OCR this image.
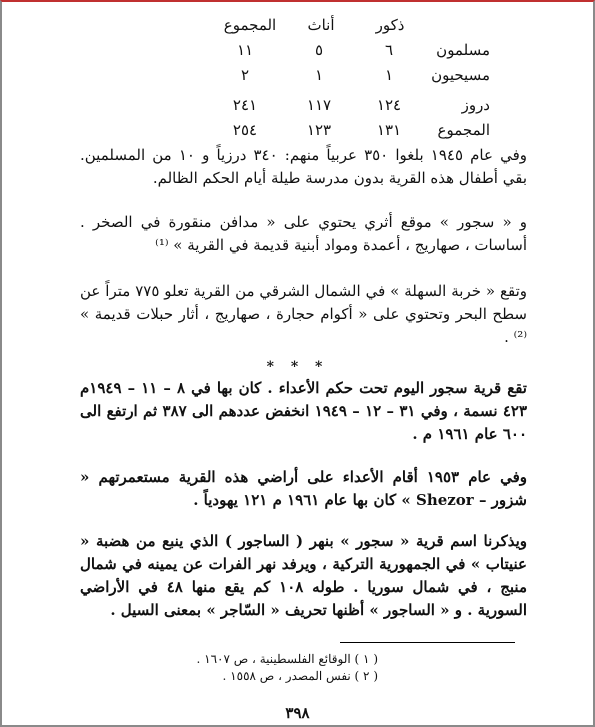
ذكور
أناث
المجموع
مسلمون
٦
٥
١١
مسيحيون
١
١
٢
دروز
١٢٤
١١٧
٢٤١
المجموع
١٣١
١٢٣
٢٥٤

وفي عام ١٩٤٥ بلغوا ٣٥٠ عربياً منهم: ٣٤٠ درزياً و ١٠ من المسلمين. بقي أطفال هذه القرية بدون مدرسة طيلة أيام الحكم الظالم.

و « سجور » موقع أثري يحتوي على « مدافن منقورة في الصخر . أساسات ، صهاريج ، أعمدة ومواد أبنية قديمة في القرية » ⁽¹⁾

وتقع « خربة السهلة » في الشمال الشرقي من القرية تعلو ٧٧٥ متراً عن سطح البحر وتحتوي على « أكوام حجارة ، صهاريج ، أثار حبلات قديمة » ⁽²⁾ .

* * *

تقع قرية سجور اليوم تحت حكم الأعداء . كان بها في ٨ – ١١ – ١٩٤٩م ٤٢٣ نسمة ، وفي ٣١ – ١٢ – ١٩٤٩ انخفض عددهم الى ٣٨٧ ثم ارتفع الى ٦٠٠ عام ١٩٦١ م .

وفي عام ١٩٥٣ أقام الأعداء على أراضي هذه القرية مستعمرتهم « شزور – Shezor » كان بها عام ١٩٦١ م ١٢١ يهودياً .

ويذكرنا اسم قرية « سجور » بنهر ( الساجور ) الذي ينبع من هضبة « عنيتاب » في الجمهورية التركية ، ويرفد نهر الفرات عن يمينه في شمال منبج ، في شمال سوريا . طوله ١٠٨ كم يقع منها ٤٨ في الأراضي السورية . و « الساجور » أظنها تحريف « السّاجر » بمعنى السيل .

( ١ ) الوقائع الفلسطينية ، ص ١٦٠٧ .
( ٢ ) نفس المصدر ، ص ١٥٥٨ .
٣٩٨
